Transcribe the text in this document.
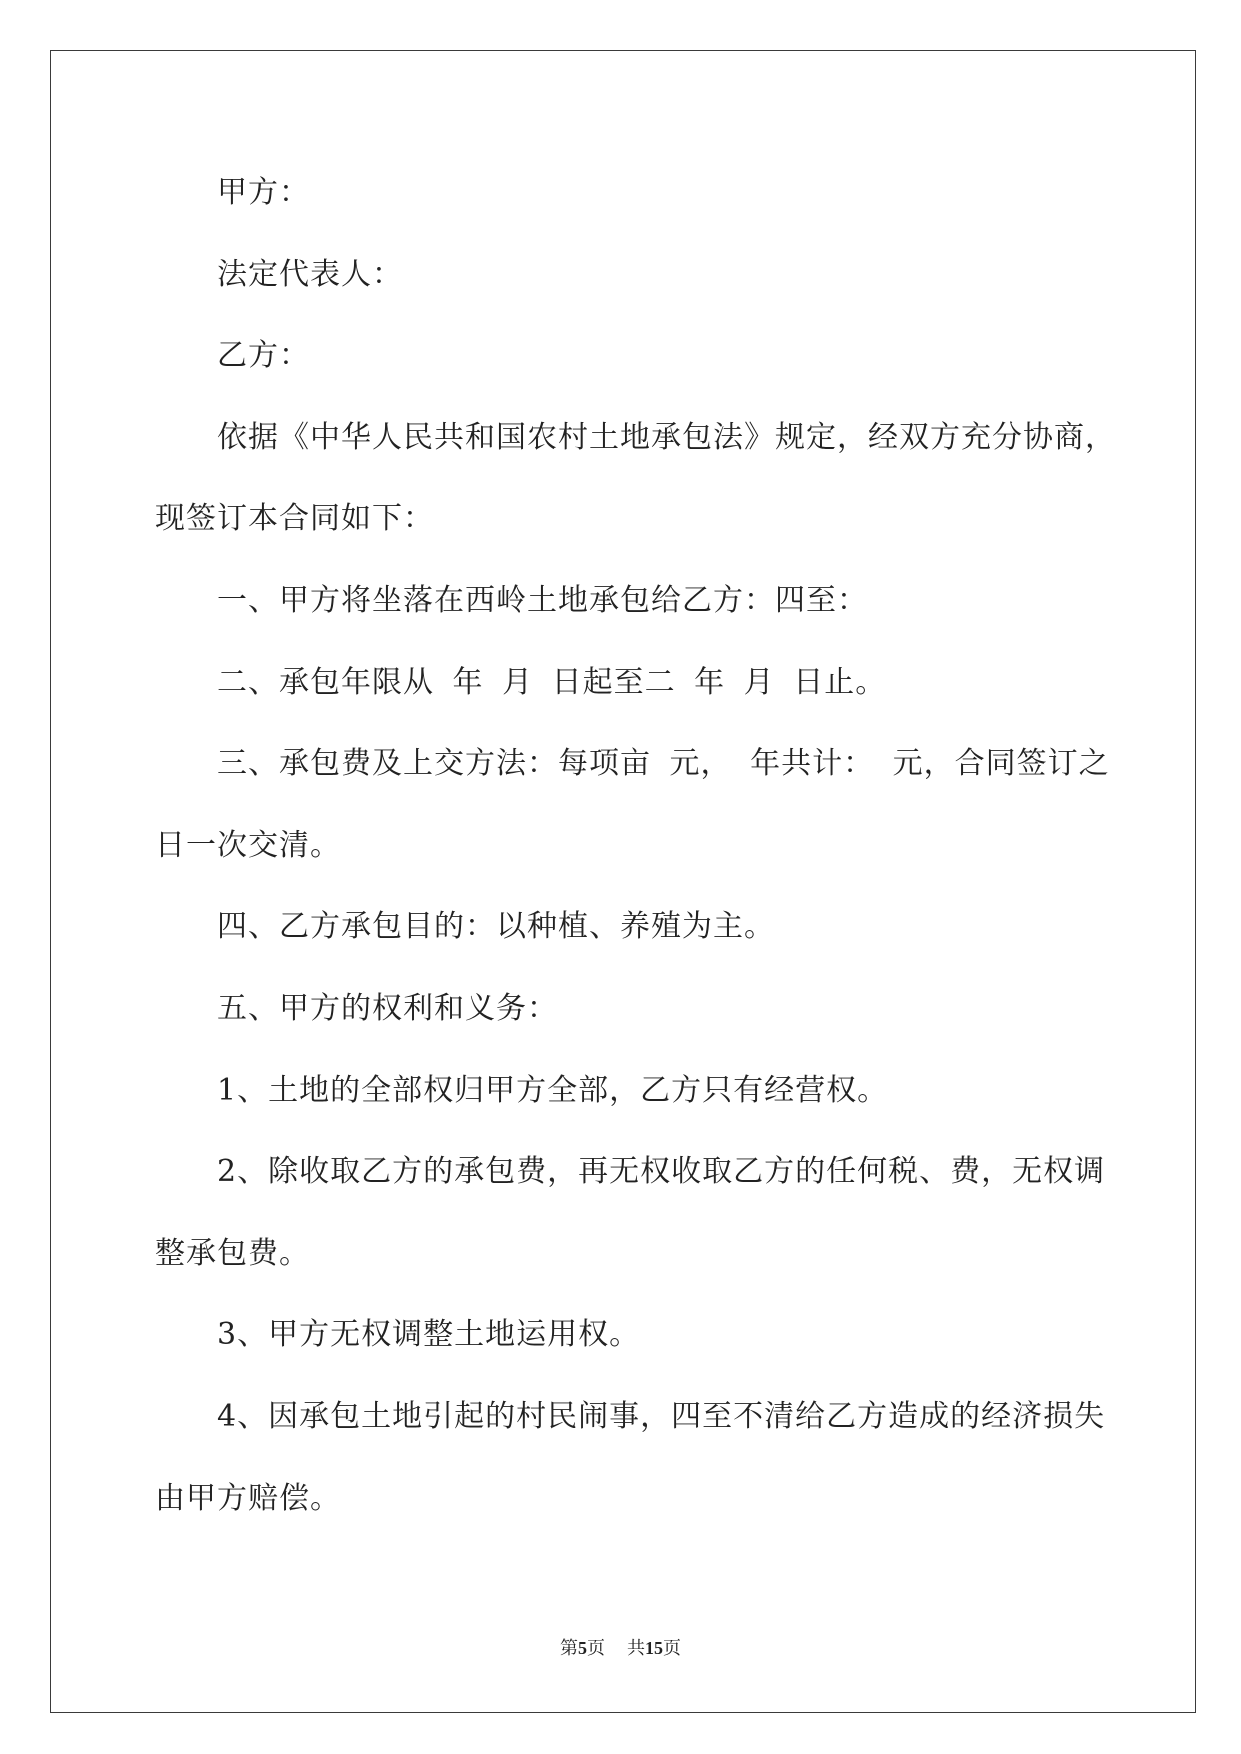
甲方：
法定代表人：
乙方：
依据《中华人民共和国农村土地承包法》规定，经双方充分协商，
现签订本合同如下：
一、甲方将坐落在西岭土地承包给乙方：四至：
二、承包年限从 年 月 日起至二 年 月 日止。
三、承包费及上交方法：每项亩 元， 年共计： 元，合同签订之
日一次交清。
四、乙方承包目的：以种植、养殖为主。
五、甲方的权利和义务：
1、土地的全部权归甲方全部，乙方只有经营权。
2、除收取乙方的承包费，再无权收取乙方的任何税、费，无权调
整承包费。
3、甲方无权调整土地运用权。
4、因承包土地引起的村民闹事，四至不清给乙方造成的经济损失
由甲方赔偿。
第5页 共15页
